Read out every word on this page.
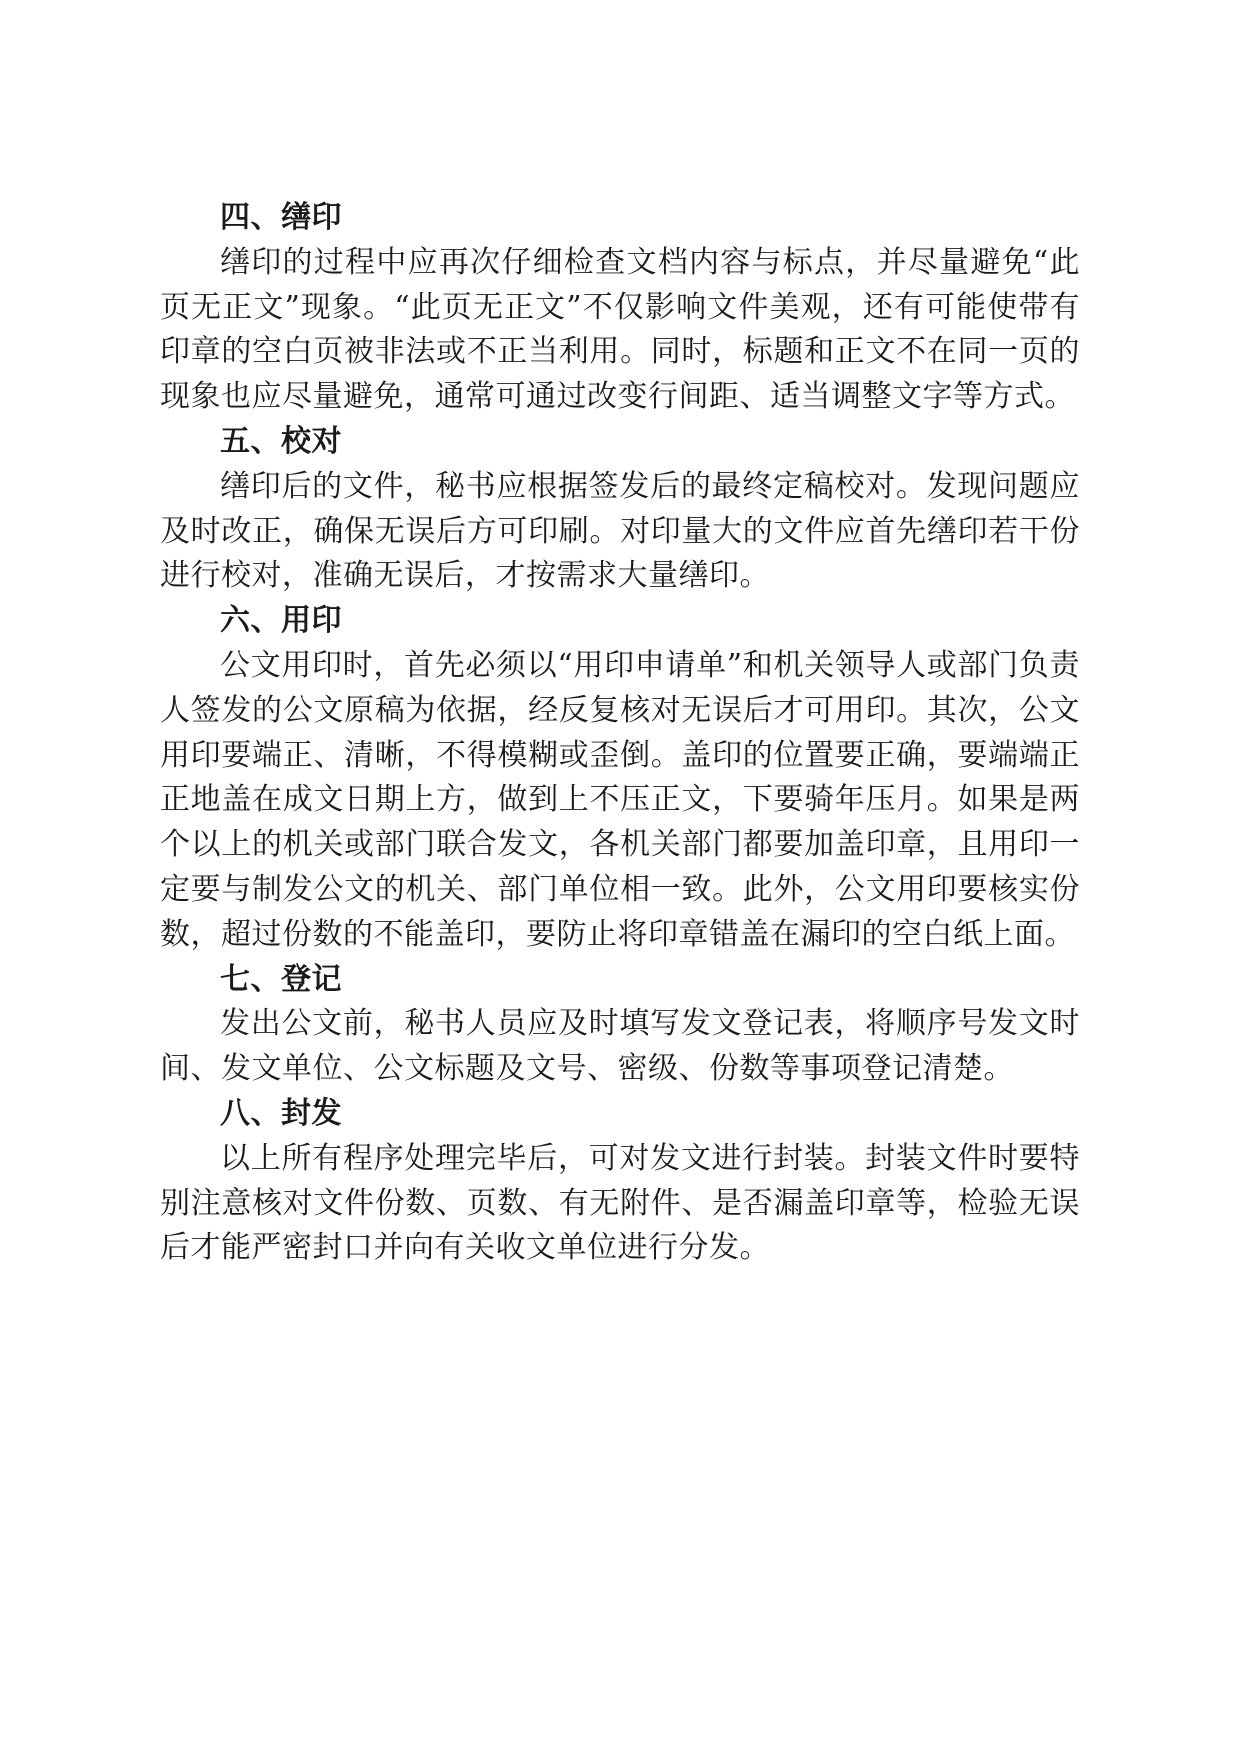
四、缮印

缮印的过程中应再次仔细检查文档内容与标点，并尽量避免“此页无正文”现象。“此页无正文”不仅影响文件美观，还有可能使带有印章的空白页被非法或不正当利用。同时，标题和正文不在同一页的现象也应尽量避免，通常可通过改变行间距、适当调整文字等方式。

五、校对

缮印后的文件，秘书应根据签发后的最终定稿校对。发现问题应及时改正，确保无误后方可印刷。对印量大的文件应首先缮印若干份进行校对，准确无误后，才按需求大量缮印。

六、用印

公文用印时，首先必须以“用印申请单”和机关领导人或部门负责人签发的公文原稿为依据，经反复核对无误后才可用印。其次，公文用印要端正、清晰，不得模糊或歪倒。盖印的位置要正确，要端端正正地盖在成文日期上方，做到上不压正文，下要骑年压月。如果是两个以上的机关或部门联合发文，各机关部门都要加盖印章，且用印一定要与制发公文的机关、部门单位相一致。此外，公文用印要核实份数，超过份数的不能盖印，要防止将印章错盖在漏印的空白纸上面。

七、登记

发出公文前，秘书人员应及时填写发文登记表，将顺序号发文时间、发文单位、公文标题及文号、密级、份数等事项登记清楚。

八、封发

以上所有程序处理完毕后，可对发文进行封装。封装文件时要特别注意核对文件份数、页数、有无附件、是否漏盖印章等，检验无误后才能严密封口并向有关收文单位进行分发。
